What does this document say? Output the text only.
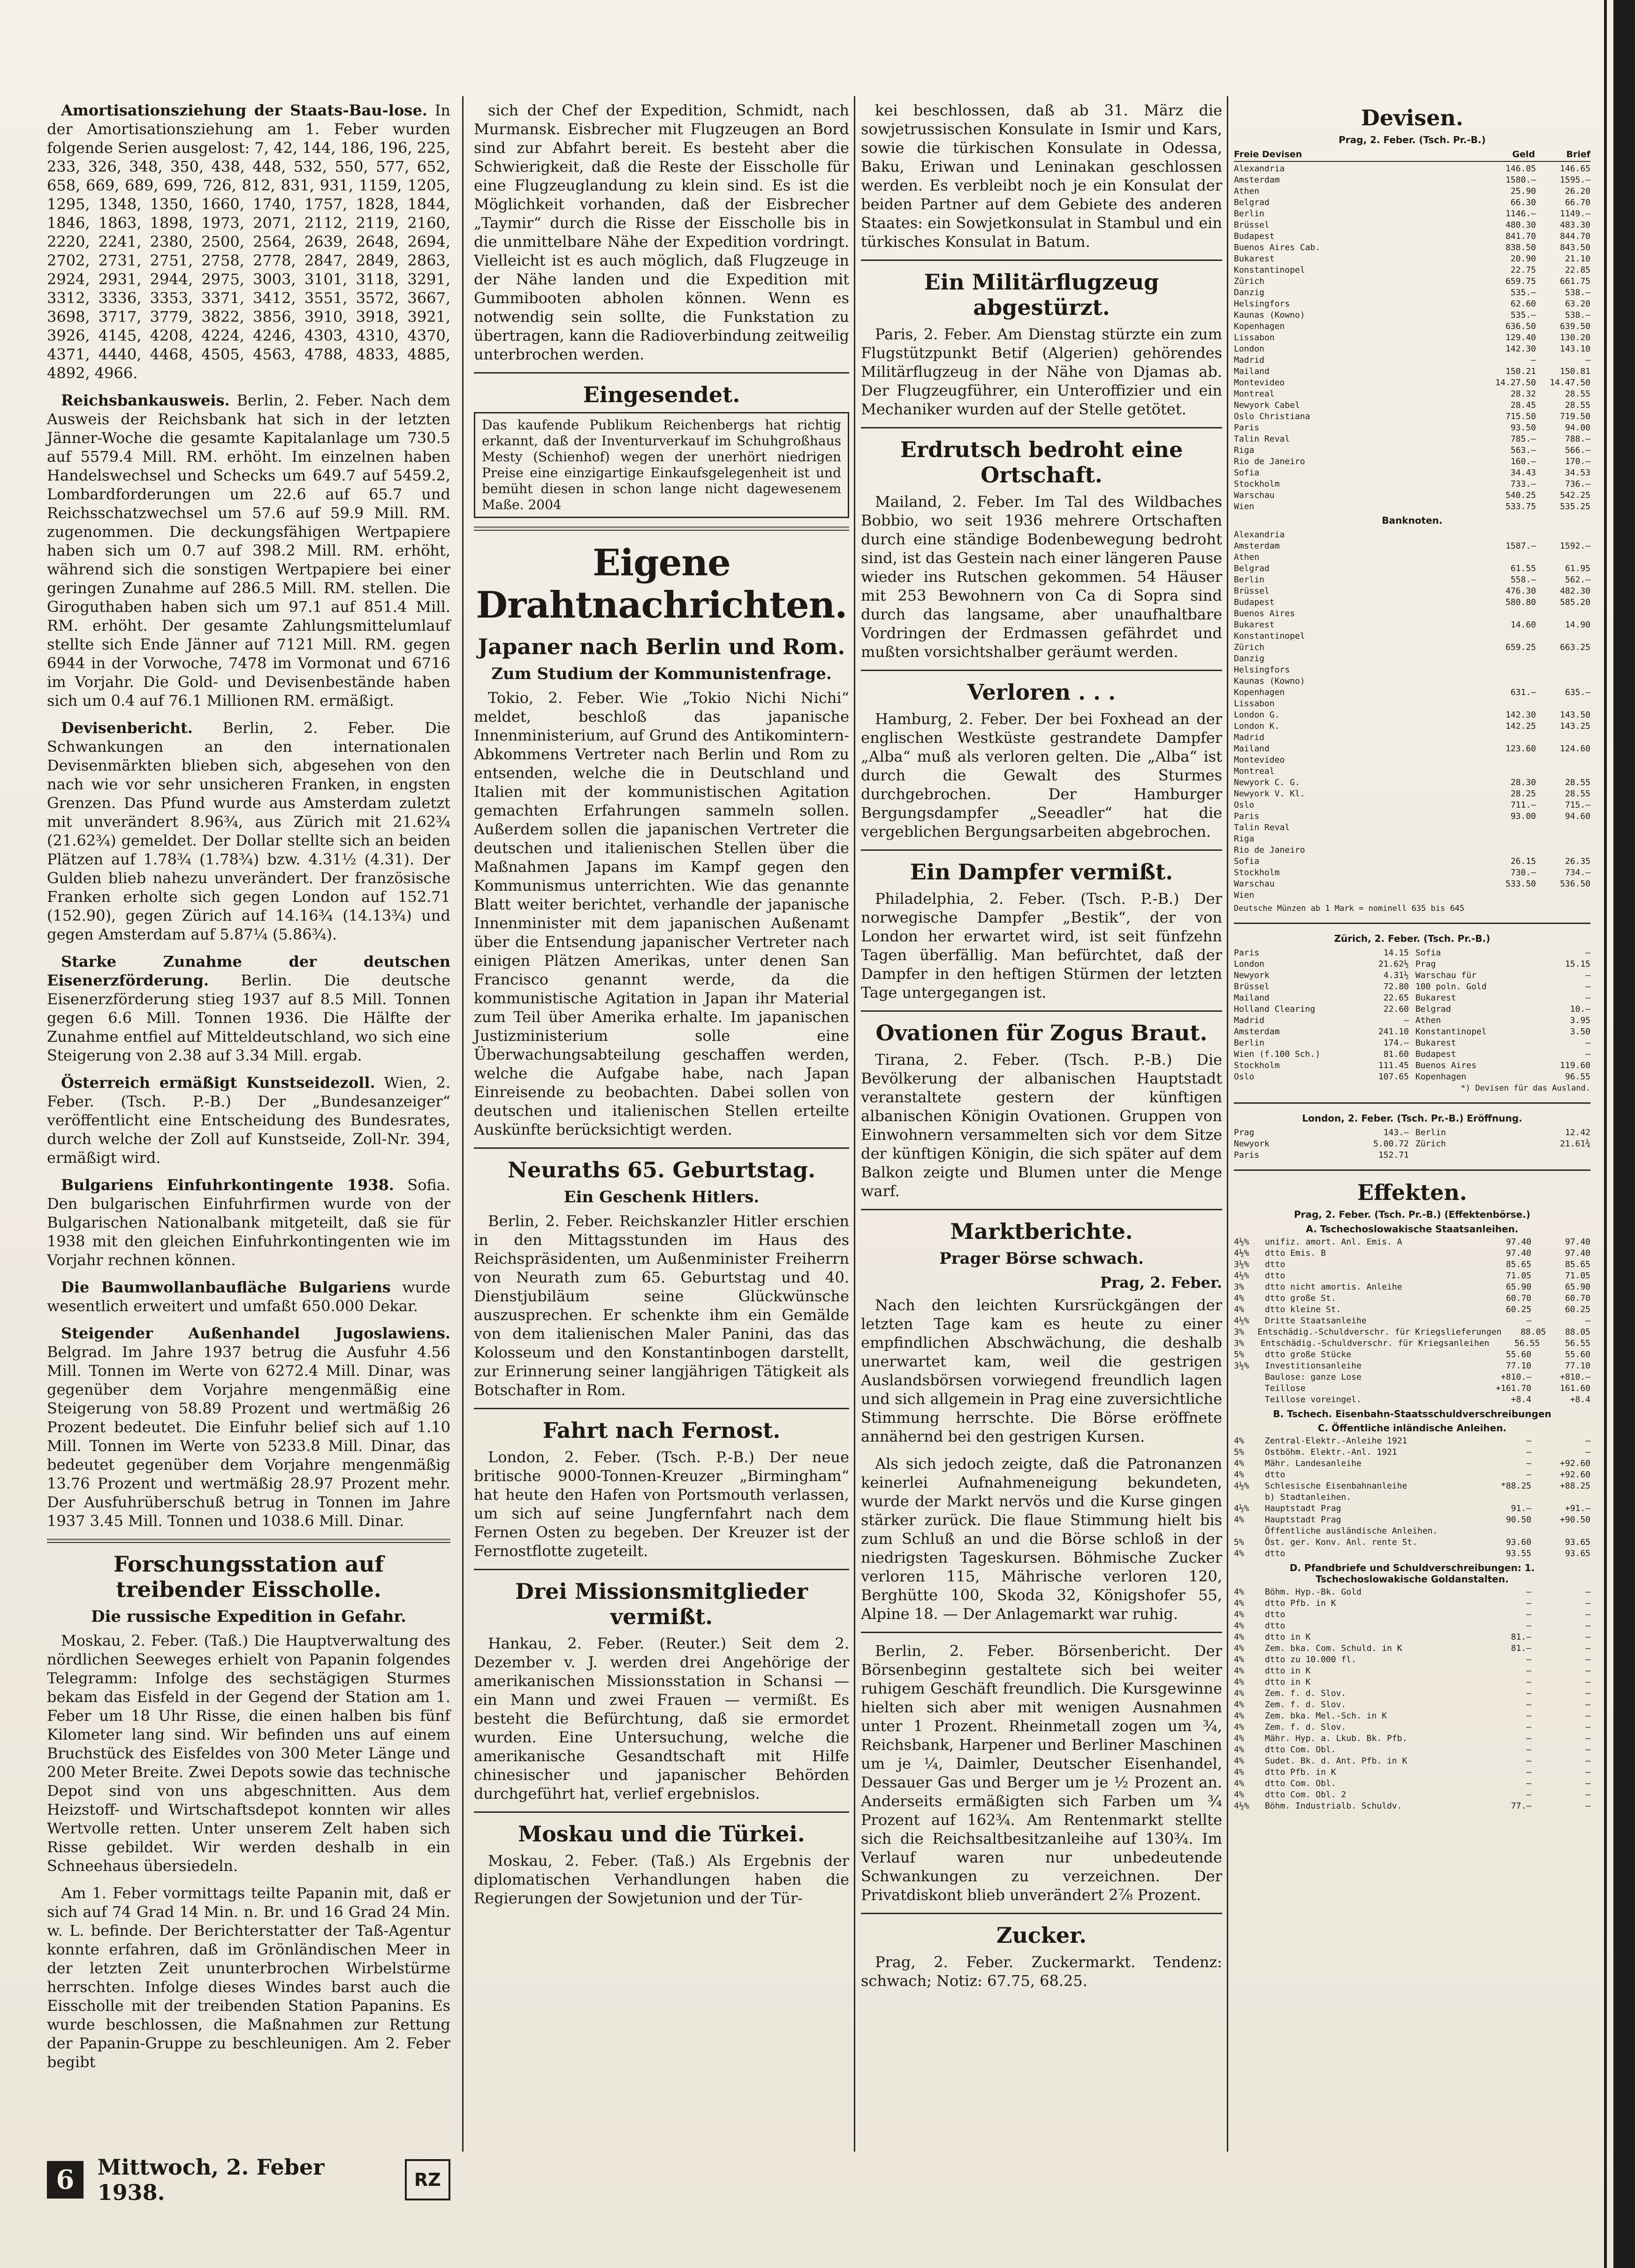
Amortisationsziehung der Staats-Bau-lose. In der Amortisationsziehung am 1. Feber wurden folgende Serien ausgelost: 7, 42, 144, 186, 196, 225, 233, 326, 348, 350, 438, 448, 532, 550, 577, 652, 658, 669, 689, 699, 726, 812, 831, 931, 1159, 1205, 1295, 1348, 1350, 1660, 1740, 1757, 1828, 1844, 1846, 1863, 1898, 1973, 2071, 2112, 2119, 2160, 2220, 2241, 2380, 2500, 2564, 2639, 2648, 2694, 2702, 2731, 2751, 2758, 2778, 2847, 2849, 2863, 2924, 2931, 2944, 2975, 3003, 3101, 3118, 3291, 3312, 3336, 3353, 3371, 3412, 3551, 3572, 3667, 3698, 3717, 3779, 3822, 3856, 3910, 3918, 3921, 3926, 4145, 4208, 4224, 4246, 4303, 4310, 4370, 4371, 4440, 4468, 4505, 4563, 4788, 4833, 4885, 4892, 4966.

Reichsbankausweis. Berlin, 2. Feber. Nach dem Ausweis der Reichsbank hat sich in der letzten Jänner-Woche die gesamte Kapitalanlage um 730.5 auf 5579.4 Mill. RM. erhöht. Im einzelnen haben Handelswechsel und Schecks um 649.7 auf 5459.2, Lombardforderungen um 22.6 auf 65.7 und Reichsschatzwechsel um 57.6 auf 59.9 Mill. RM. zugenommen. Die deckungsfähigen Wertpapiere haben sich um 0.7 auf 398.2 Mill. RM. erhöht, während sich die sonstigen Wertpapiere bei einer geringen Zunahme auf 286.5 Mill. RM. stellen. Die Giroguthaben haben sich um 97.1 auf 851.4 Mill. RM. erhöht. Der gesamte Zahlungsmittelumlauf stellte sich Ende Jänner auf 7121 Mill. RM. gegen 6944 in der Vorwoche, 7478 im Vormonat und 6716 im Vorjahr. Die Gold- und Devisenbestände haben sich um 0.4 auf 76.1 Millionen RM. ermäßigt.

Devisenbericht. Berlin, 2. Feber. Die Schwankungen an den internationalen Devisenmärkten blieben sich, abgesehen von den nach wie vor sehr unsicheren Franken, in engsten Grenzen. Das Pfund wurde aus Amsterdam zuletzt mit unverändert 8.96¾, aus Zürich mit 21.62¾ (21.62¾) gemeldet. Der Dollar stellte sich an beiden Plätzen auf 1.78¾ (1.78¾) bzw. 4.31½ (4.31). Der Gulden blieb nahezu unverändert. Der französische Franken erholte sich gegen London auf 152.71 (152.90), gegen Zürich auf 14.16¾ (14.13¾) und gegen Amsterdam auf 5.87¼ (5.86¾).

Starke Zunahme der deutschen Eisenerzförderung. Berlin. Die deutsche Eisenerzförderung stieg 1937 auf 8.5 Mill. Tonnen gegen 6.6 Mill. Tonnen 1936. Die Hälfte der Zunahme entfiel auf Mitteldeutschland, wo sich eine Steigerung von 2.38 auf 3.34 Mill. ergab.

Österreich ermäßigt Kunstseidezoll. Wien, 2. Feber. (Tsch. P.-B.) Der „Bundesanzeiger“ veröffentlicht eine Entscheidung des Bundesrates, durch welche der Zoll auf Kunstseide, Zoll-Nr. 394, ermäßigt wird.

Bulgariens Einfuhrkontingente 1938. Sofia. Den bulgarischen Einfuhrfirmen wurde von der Bulgarischen Nationalbank mitgeteilt, daß sie für 1938 mit den gleichen Einfuhrkontingenten wie im Vorjahr rechnen können.

Die Baumwollanbaufläche Bulgariens wurde wesentlich erweitert und umfaßt 650.000 Dekar.

Steigender Außenhandel Jugoslawiens. Belgrad. Im Jahre 1937 betrug die Ausfuhr 4.56 Mill. Tonnen im Werte von 6272.4 Mill. Dinar, was gegenüber dem Vorjahre mengenmäßig eine Steigerung von 58.89 Prozent und wertmäßig 26 Prozent bedeutet. Die Einfuhr belief sich auf 1.10 Mill. Tonnen im Werte von 5233.8 Mill. Dinar, das bedeutet gegenüber dem Vorjahre mengenmäßig 13.76 Prozent und wertmäßig 28.97 Prozent mehr. Der Ausfuhrüberschuß betrug in Tonnen im Jahre 1937 3.45 Mill. Tonnen und 1038.6 Mill. Dinar.

Forschungsstation auf treibender Eisscholle.
Die russische Expedition in Gefahr.

Moskau, 2. Feber. (Taß.) Die Hauptverwaltung des nördlichen Seeweges erhielt von Papanin folgendes Telegramm: Infolge des sechstägigen Sturmes bekam das Eisfeld in der Gegend der Station am 1. Feber um 18 Uhr Risse, die einen halben bis fünf Kilometer lang sind. Wir befinden uns auf einem Bruchstück des Eisfeldes von 300 Meter Länge und 200 Meter Breite. Zwei Depots sowie das technische Depot sind von uns abgeschnitten. Aus dem Heizstoff- und Wirtschaftsdepot konnten wir alles Wertvolle retten. Unter unserem Zelt haben sich Risse gebildet. Wir werden deshalb in ein Schneehaus übersiedeln.

Am 1. Feber vormittags teilte Papanin mit, daß er sich auf 74 Grad 14 Min. n. Br. und 16 Grad 24 Min. w. L. befinde. Der Berichterstatter der Taß-Agentur konnte erfahren, daß im Grönländischen Meer in der letzten Zeit ununterbrochen Wirbelstürme herrschten. Infolge dieses Windes barst auch die Eisscholle mit der treibenden Station Papanins. Es wurde beschlossen, die Maßnahmen zur Rettung der Papanin-Gruppe zu beschleunigen. Am 2. Feber begibt

sich der Chef der Expedition, Schmidt, nach Murmansk. Eisbrecher mit Flugzeugen an Bord sind zur Abfahrt bereit. Es besteht aber die Schwierigkeit, daß die Reste der Eisscholle für eine Flugzeuglandung zu klein sind. Es ist die Möglichkeit vorhanden, daß der Eisbrecher „Taymir“ durch die Risse der Eisscholle bis in die unmittelbare Nähe der Expedition vordringt. Vielleicht ist es auch möglich, daß Flugzeuge in der Nähe landen und die Expedition mit Gummibooten abholen können. Wenn es notwendig sein sollte, die Funkstation zu übertragen, kann die Radioverbindung zeitweilig unterbrochen werden.

Eingesendet.
Das kaufende Publikum Reichenbergs hat richtig erkannt, daß der Inventurverkauf im Schuhgroßhaus Mesty (Schienhof) wegen der unerhört niedrigen Preise eine einzigartige Einkaufsgelegenheit ist und bemüht diesen in schon lange nicht dagewesenem Maße. 2004
Eigene Drahtnachrichten.
Japaner nach Berlin und Rom.
Zum Studium der Kommunistenfrage.

Tokio, 2. Feber. Wie „Tokio Nichi Nichi“ meldet, beschloß das japanische Innenministerium, auf Grund des Antikomintern-Abkommens Vertreter nach Berlin und Rom zu entsenden, welche die in Deutschland und Italien mit der kommunistischen Agitation gemachten Erfahrungen sammeln sollen. Außerdem sollen die japanischen Vertreter die deutschen und italienischen Stellen über die Maßnahmen Japans im Kampf gegen den Kommunismus unterrichten. Wie das genannte Blatt weiter berichtet, verhandle der japanische Innenminister mit dem japanischen Außenamt über die Entsendung japanischer Vertreter nach einigen Plätzen Amerikas, unter denen San Francisco genannt werde, da die kommunistische Agitation in Japan ihr Material zum Teil über Amerika erhalte. Im japanischen Justizministerium solle eine Überwachungsabteilung geschaffen werden, welche die Aufgabe habe, nach Japan Einreisende zu beobachten. Dabei sollen von deutschen und italienischen Stellen erteilte Auskünfte berücksichtigt werden.

Neuraths 65. Geburtstag.
Ein Geschenk Hitlers.

Berlin, 2. Feber. Reichskanzler Hitler erschien in den Mittagsstunden im Haus des Reichspräsidenten, um Außenminister Freiherrn von Neurath zum 65. Geburtstag und 40. Dienstjubiläum seine Glückwünsche auszusprechen. Er schenkte ihm ein Gemälde von dem italienischen Maler Panini, das das Kolosseum und den Konstantinbogen darstellt, zur Erinnerung seiner langjährigen Tätigkeit als Botschafter in Rom.

Fahrt nach Fernost.

London, 2. Feber. (Tsch. P.-B.) Der neue britische 9000-Tonnen-Kreuzer „Birmingham“ hat heute den Hafen von Portsmouth verlassen, um sich auf seine Jungfernfahrt nach dem Fernen Osten zu begeben. Der Kreuzer ist der Fernostflotte zugeteilt.

Drei Missionsmitglieder vermißt.

Hankau, 2. Feber. (Reuter.) Seit dem 2. Dezember v. J. werden drei Angehörige der amerikanischen Missionsstation in Schansi — ein Mann und zwei Frauen — vermißt. Es besteht die Befürchtung, daß sie ermordet wurden. Eine Untersuchung, welche die amerikanische Gesandtschaft mit Hilfe chinesischer und japanischer Behörden durchgeführt hat, verlief ergebnislos.

Moskau und die Türkei.

Moskau, 2. Feber. (Taß.) Als Ergebnis der diplomatischen Verhandlungen haben die Regierungen der Sowjetunion und der Tür-

kei beschlossen, daß ab 31. März die sowjetrussischen Konsulate in Ismir und Kars, sowie die türkischen Konsulate in Odessa, Baku, Eriwan und Leninakan geschlossen werden. Es verbleibt noch je ein Konsulat der beiden Partner auf dem Gebiete des anderen Staates: ein Sowjetkonsulat in Stambul und ein türkisches Konsulat in Batum.

Ein Militärflugzeug abgestürzt.

Paris, 2. Feber. Am Dienstag stürzte ein zum Flugstützpunkt Betif (Algerien) gehörendes Militärflugzeug in der Nähe von Djamas ab. Der Flugzeugführer, ein Unteroffizier und ein Mechaniker wurden auf der Stelle getötet.

Erdrutsch bedroht eine Ortschaft.

Mailand, 2. Feber. Im Tal des Wildbaches Bobbio, wo seit 1936 mehrere Ortschaften durch eine ständige Bodenbewegung bedroht sind, ist das Gestein nach einer längeren Pause wieder ins Rutschen gekommen. 54 Häuser mit 253 Bewohnern von Ca di Sopra sind durch das langsame, aber unaufhaltbare Vordringen der Erdmassen gefährdet und mußten vorsichtshalber geräumt werden.

Verloren . . .

Hamburg, 2. Feber. Der bei Foxhead an der englischen Westküste gestrandete Dampfer „Alba“ muß als verloren gelten. Die „Alba“ ist durch die Gewalt des Sturmes durchgebrochen. Der Hamburger Bergungsdampfer „Seeadler“ hat die vergeblichen Bergungsarbeiten abgebrochen.

Ein Dampfer vermißt.

Philadelphia, 2. Feber. (Tsch. P.-B.) Der norwegische Dampfer „Bestik“, der von London her erwartet wird, ist seit fünfzehn Tagen überfällig. Man befürchtet, daß der Dampfer in den heftigen Stürmen der letzten Tage untergegangen ist.

Ovationen für Zogus Braut.

Tirana, 2. Feber. (Tsch. P.-B.) Die Bevölkerung der albanischen Hauptstadt veranstaltete gestern der künftigen albanischen Königin Ovationen. Gruppen von Einwohnern versammelten sich vor dem Sitze der künftigen Königin, die sich später auf dem Balkon zeigte und Blumen unter die Menge warf.

Marktberichte.
Prager Börse schwach.
Prag, 2. Feber.

Nach den leichten Kursrückgängen der letzten Tage kam es heute zu einer empfindlichen Abschwächung, die deshalb unerwartet kam, weil die gestrigen Auslandsbörsen vorwiegend freundlich lagen und sich allgemein in Prag eine zuversichtliche Stimmung herrschte. Die Börse eröffnete annähernd bei den gestrigen Kursen.

Als sich jedoch zeigte, daß die Patronanzen keinerlei Aufnahmeneigung bekundeten, wurde der Markt nervös und die Kurse gingen stärker zurück. Die flaue Stimmung hielt bis zum Schluß an und die Börse schloß in der niedrigsten Tageskursen. Böhmische Zucker verloren 115, Mährische verloren 120, Berghütte 100, Skoda 32, Königshofer 55, Alpine 18. — Der Anlagemarkt war ruhig.

Berlin, 2. Feber. Börsenbericht. Der Börsenbeginn gestaltete sich bei weiter ruhigem Geschäft freundlich. Die Kursgewinne hielten sich aber mit wenigen Ausnahmen unter 1 Prozent. Rheinmetall zogen um ¾, Reichsbank, Harpener und Berliner Maschinen um je ¼, Daimler, Deutscher Eisenhandel, Dessauer Gas und Berger um je ½ Prozent an. Anderseits ermäßigten sich Farben um ¾ Prozent auf 162¾. Am Rentenmarkt stellte sich die Reichsaltbesitzanleihe auf 130¾. Im Verlauf waren nur unbedeutende Schwankungen zu verzeichnen. Der Privatdiskont blieb unverändert 2⅞ Prozent.

Zucker.

Prag, 2. Feber. Zuckermarkt. Tendenz: schwach; Notiz: 67.75, 68.25.

Devisen.
Prag, 2. Feber. (Tsch. Pr.-B.)
Freie Devisen	Geld	Brief
Alexandria	146.05	146.65
Amsterdam	1580.—	1595.—
Athen	25.90	26.20
Belgrad	66.30	66.70
Berlin	1146.—	1149.—
Brüssel	480.30	483.30
Budapest	841.70	844.70
Buenos Aires Cab.	838.50	843.50
Bukarest	20.90	21.10
Konstantinopel	22.75	22.85
Zürich	659.75	661.75
Danzig	535.—	538.—
Helsingfors	62.60	63.20
Kaunas (Kowno)	535.—	538.—
Kopenhagen	636.50	639.50
Lissabon	129.40	130.20
London	142.30	143.10
Madrid	—	—
Mailand	150.21	150.81
Montevideo	14.27.50	14.47.50
Montreal	28.32	28.55
Newyork Cabel	28.45	28.55
Oslo Christiana	715.50	719.50
Paris	93.50	94.00
Talin Reval	785.—	788.—
Riga	563.—	566.—
Rio de Janeiro	160.—	170.—
Sofia	34.43	34.53
Stockholm	733.—	736.—
Warschau	540.25	542.25
Wien	533.75	535.25
Banknoten.
Alexandria
Amsterdam	1587.—	1592.—
Athen
Belgrad	61.55	61.95
Berlin	558.—	562.—
Brüssel	476.30	482.30
Budapest	580.80	585.20
Buenos Aires
Bukarest	14.60	14.90
Konstantinopel
Zürich	659.25	663.25
Danzig
Helsingfors
Kaunas (Kowno)
Kopenhagen	631.—	635.—
Lissabon
London G.	142.30	143.50
London K.	142.25	143.25
Madrid
Mailand	123.60	124.60
Montevideo
Montreal
Newyork C. G.	28.30	28.55
Newyork V. Kl.	28.25	28.55
Oslo	711.—	715.—
Paris	93.00	94.60
Talin Reval
Riga
Rio de Janeiro
Sofia	26.15	26.35
Stockholm	730.—	734.—
Warschau	533.50	536.50
Wien
Deutsche Münzen ab 1 Mark = nominell 635 bis 645
Zürich, 2. Feber. (Tsch. Pr.-B.)
Paris	14.15 Sofia	—
London	21.62½ Prag	15.15
Newyork	4.31½ Warschau für	—
Brüssel	72.80 100 poln. Gold	—
Mailand	22.65 Bukarest	—
Holland Clearing	22.60 Belgrad	10.—
Madrid	— Athen	3.95
Amsterdam	241.10 Konstantinopel	3.50
Berlin	174.— Bukarest	—
Wien (f.100 Sch.)	81.60 Budapest	—
Stockholm	111.45 Buenos Aires	119.60
Oslo	107.65 Kopenhagen	96.55
*) Devisen für das Ausland.
London, 2. Feber. (Tsch. Pr.-B.) Eröffnung.
Prag	143.— Berlin	12.42
Newyork	5.00.72 Zürich	21.61¾
Paris	152.71
Effekten.
Prag, 2. Feber. (Tsch. Pr.-B.) (Effektenbörse.)
A. Tschechoslowakische Staatsanleihen.
4½%	unifiz. amort. Anl. Emis. A	97.40	97.40
4½%	dtto Emis. B	97.40	97.40
3½%	dtto	85.65	85.65
4½%	dtto	71.05	71.05
3%	dtto nicht amortis. Anleihe	65.90	65.90
4%	dtto große St.	60.70	60.70
4%	dtto kleine St.	60.25	60.25
4½%	Dritte Staatsanleihe	—	—
3%	Entschädig.-Schuldverschr. für Kriegslieferungen	88.05	88.05
3%	Entschädig.-Schuldverschr. für Kriegsanleihen	56.55	56.55
5%	dtto große Stücke	55.60	55.60
3½%	Investitionsanleihe	77.10	77.10
Baulose: ganze Lose	+810.—	+810.—
Teillose	+161.70	161.60
Teillose voreingel.	+8.4	+8.4
B. Tschech. Eisenbahn-Staatsschuldverschreibungen
C. Öffentliche inländische Anleihen.
4%	Zentral-Elektr.-Anleihe 1921	—	—
5%	Ostböhm. Elektr.-Anl. 1921	—	—
4%	Mähr. Landesanleihe	—	+92.60
4%	dtto	—	+92.60
4½%	Schlesische Eisenbahnanleihe	*88.25	+88.25
b) Stadtanleihen.
4½%	Hauptstadt Prag	91.—	+91.—
4%	Hauptstadt Prag	90.50	+90.50
Öffentliche ausländische Anleihen.
5%	Öst. ger. Konv. Anl. rente St.	93.60	93.65
4%	dtto	93.55	93.65
D. Pfandbriefe und Schuldverschreibungen: 1. Tschechoslowakische Goldanstalten.
4%	Böhm. Hyp.-Bk. Gold	—	—
4%	dtto Pfb. in K	—	—
4%	dtto	—	—
4%	dtto	—	—
4%	dtto in K	81.—	—
4%	Zem. bka. Com. Schuld. in K	81.—	—
4%	dtto zu 10.000 fl.	—	—
4%	dtto in K	—	—
4%	dtto in K	—	—
4%	Zem. f. d. Slov.	—	—
4%	Zem. f. d. Slov.	—	—
4%	Zem. bka. Mel.-Sch. in K	—	—
4%	Zem. f. d. Slov.	—	—
4%	Mähr. Hyp. a. Lkub. Bk. Pfb.	—	—
4%	dtto Com. Obl.	—	—
4%	Sudet. Bk. d. Ant. Pfb. in K	—	—
4%	dtto Pfb. in K	—	—
4%	dtto Com. Obl.	—	—
4%	dtto Com. Obl. 2	—	—
4½%	Böhm. Industrialb. Schuldv.	77.—	—
6	Mittwoch, 2. Feber 1938.	RZ
